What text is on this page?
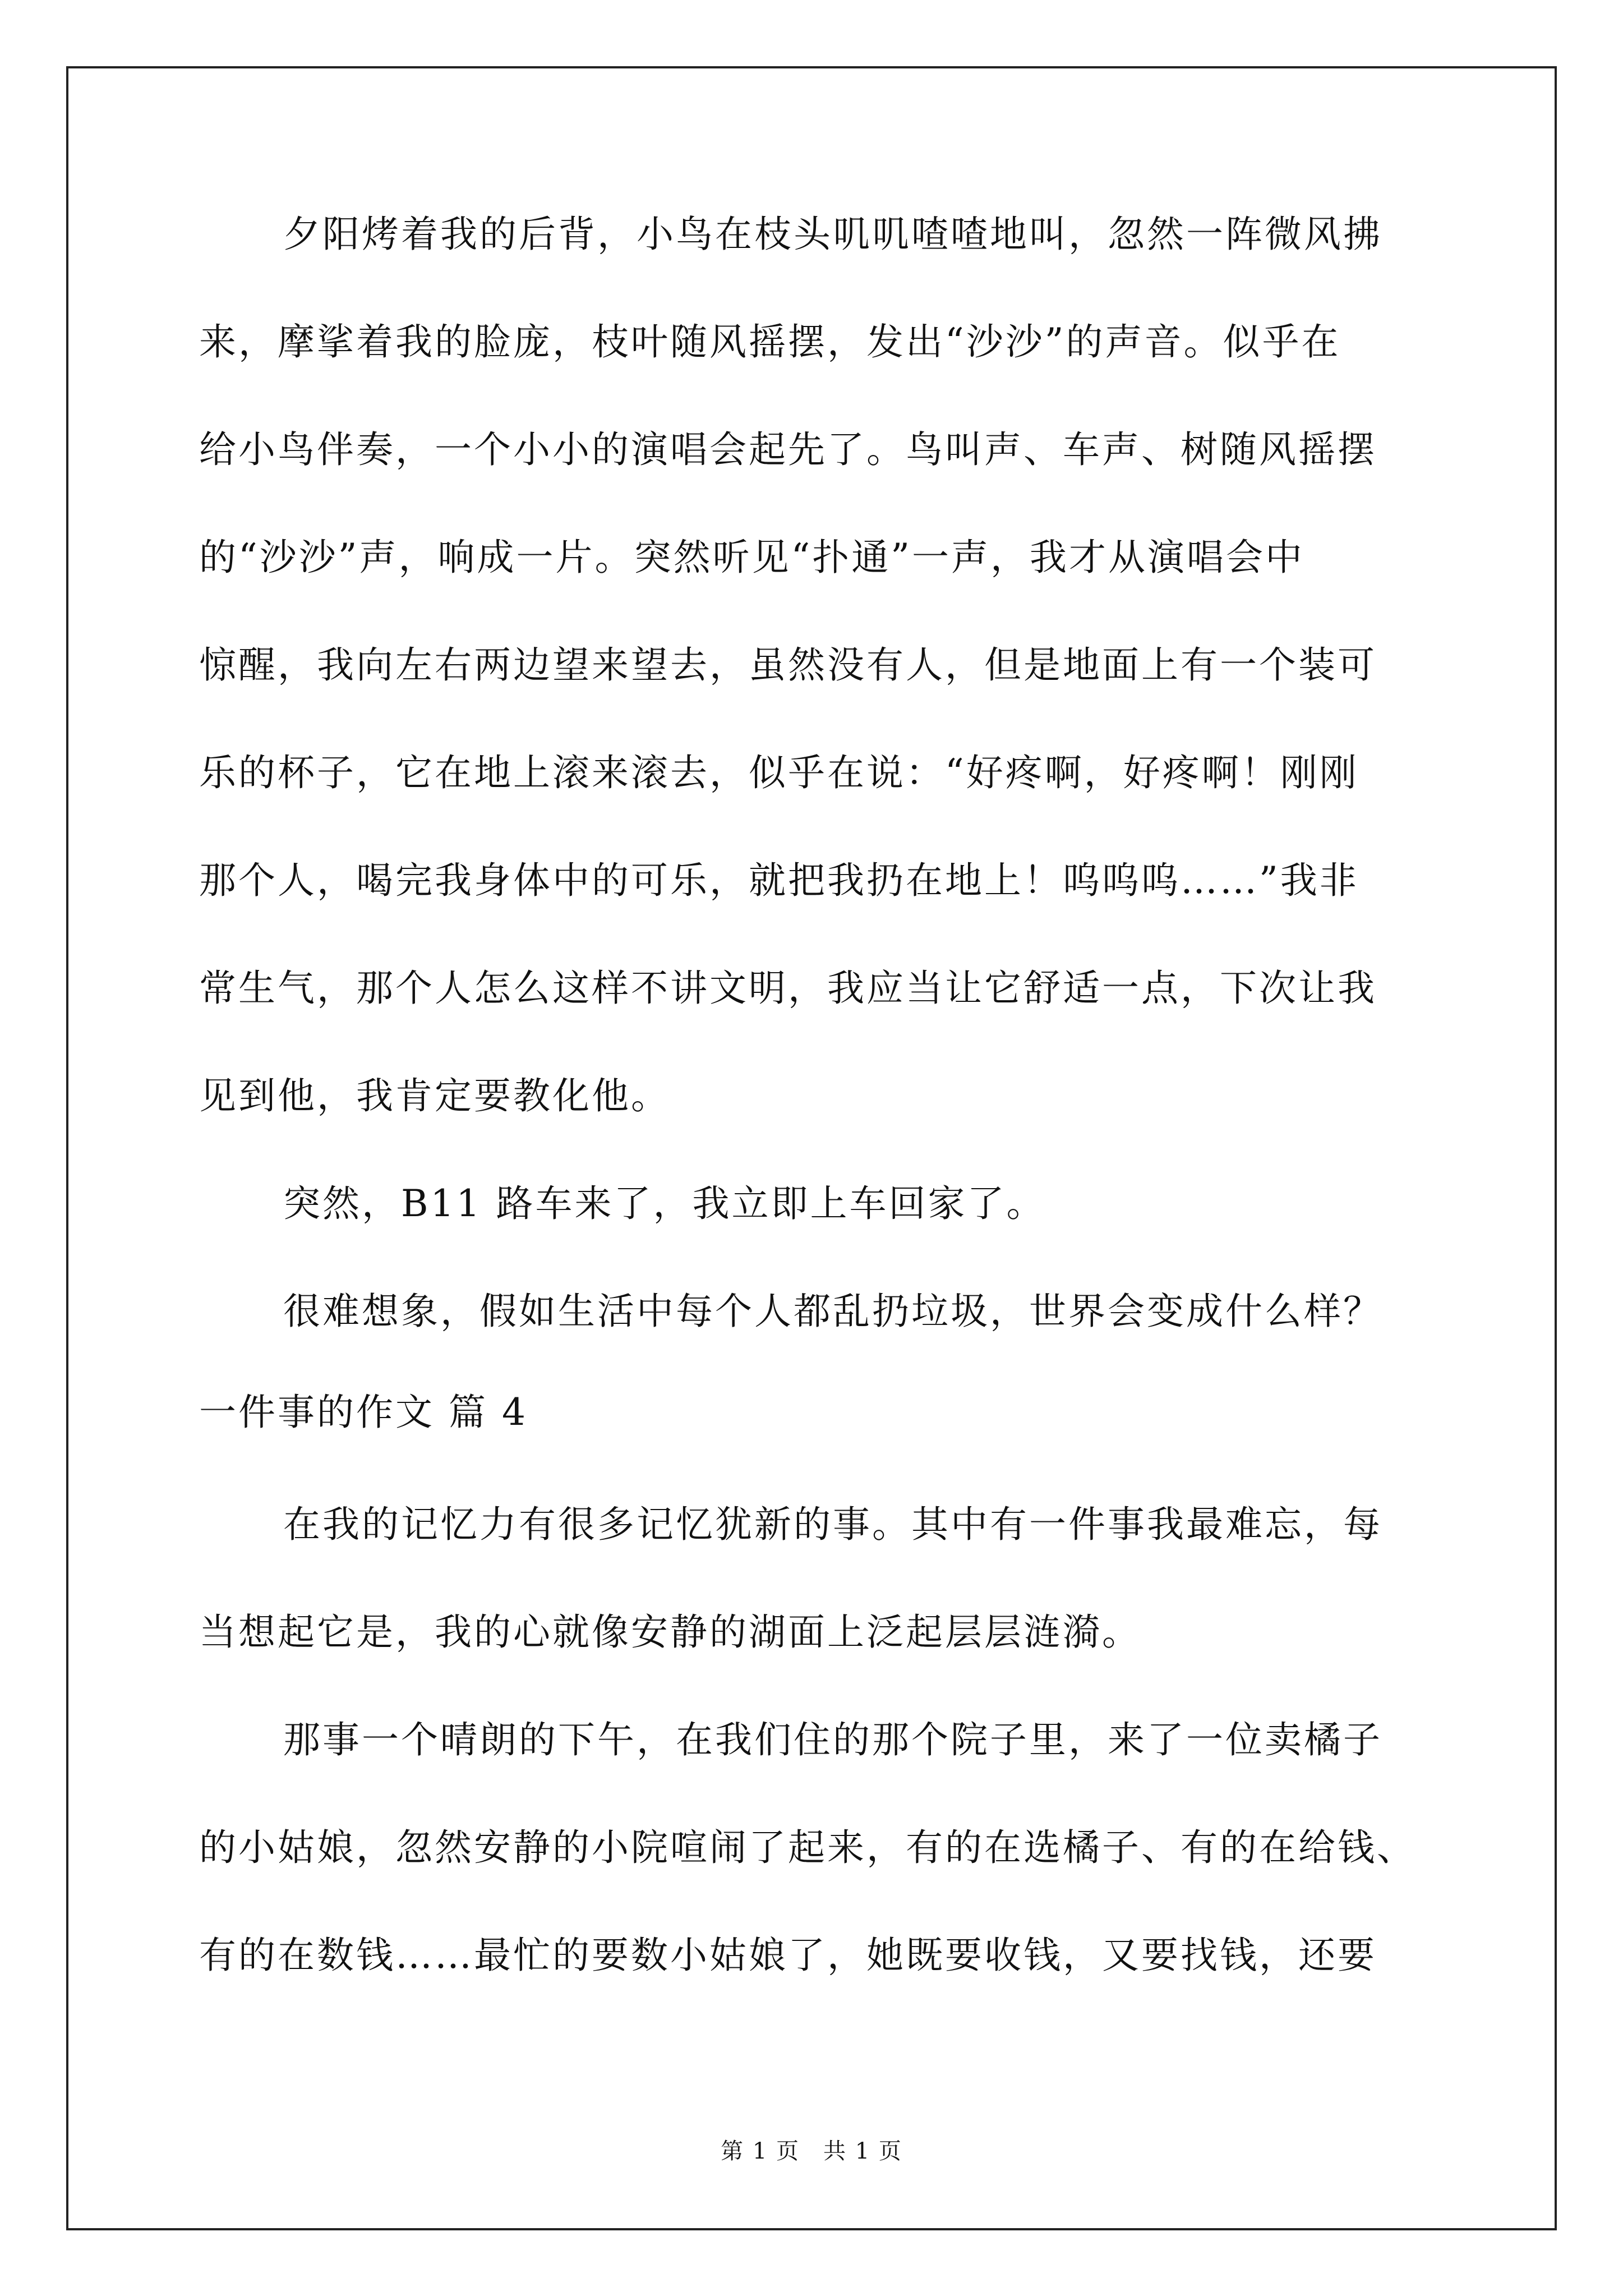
夕阳烤着我的后背，小鸟在枝头叽叽喳喳地叫，忽然一阵微风拂
来，摩挲着我的脸庞，枝叶随风摇摆，发出“沙沙”的声音。似乎在
给小鸟伴奏，一个小小的演唱会起先了。鸟叫声、车声、树随风摇摆
的“沙沙”声，响成一片。突然听见“扑通”一声，我才从演唱会中
惊醒，我向左右两边望来望去，虽然没有人，但是地面上有一个装可
乐的杯子，它在地上滚来滚去，似乎在说：“好疼啊，好疼啊！刚刚
那个人，喝完我身体中的可乐，就把我扔在地上！呜呜呜……”我非
常生气，那个人怎么这样不讲文明，我应当让它舒适一点，下次让我
见到他，我肯定要教化他。
突然，B11 路车来了，我立即上车回家了。
很难想象，假如生活中每个人都乱扔垃圾，世界会变成什么样？
一件事的作文 篇 4
在我的记忆力有很多记忆犹新的事。其中有一件事我最难忘，每
当想起它是，我的心就像安静的湖面上泛起层层涟漪。
那事一个晴朗的下午，在我们住的那个院子里，来了一位卖橘子
的小姑娘，忽然安静的小院喧闹了起来，有的在选橘子、有的在给钱、
有的在数钱……最忙的要数小姑娘了，她既要收钱，又要找钱，还要
第 1 页　共 1 页
